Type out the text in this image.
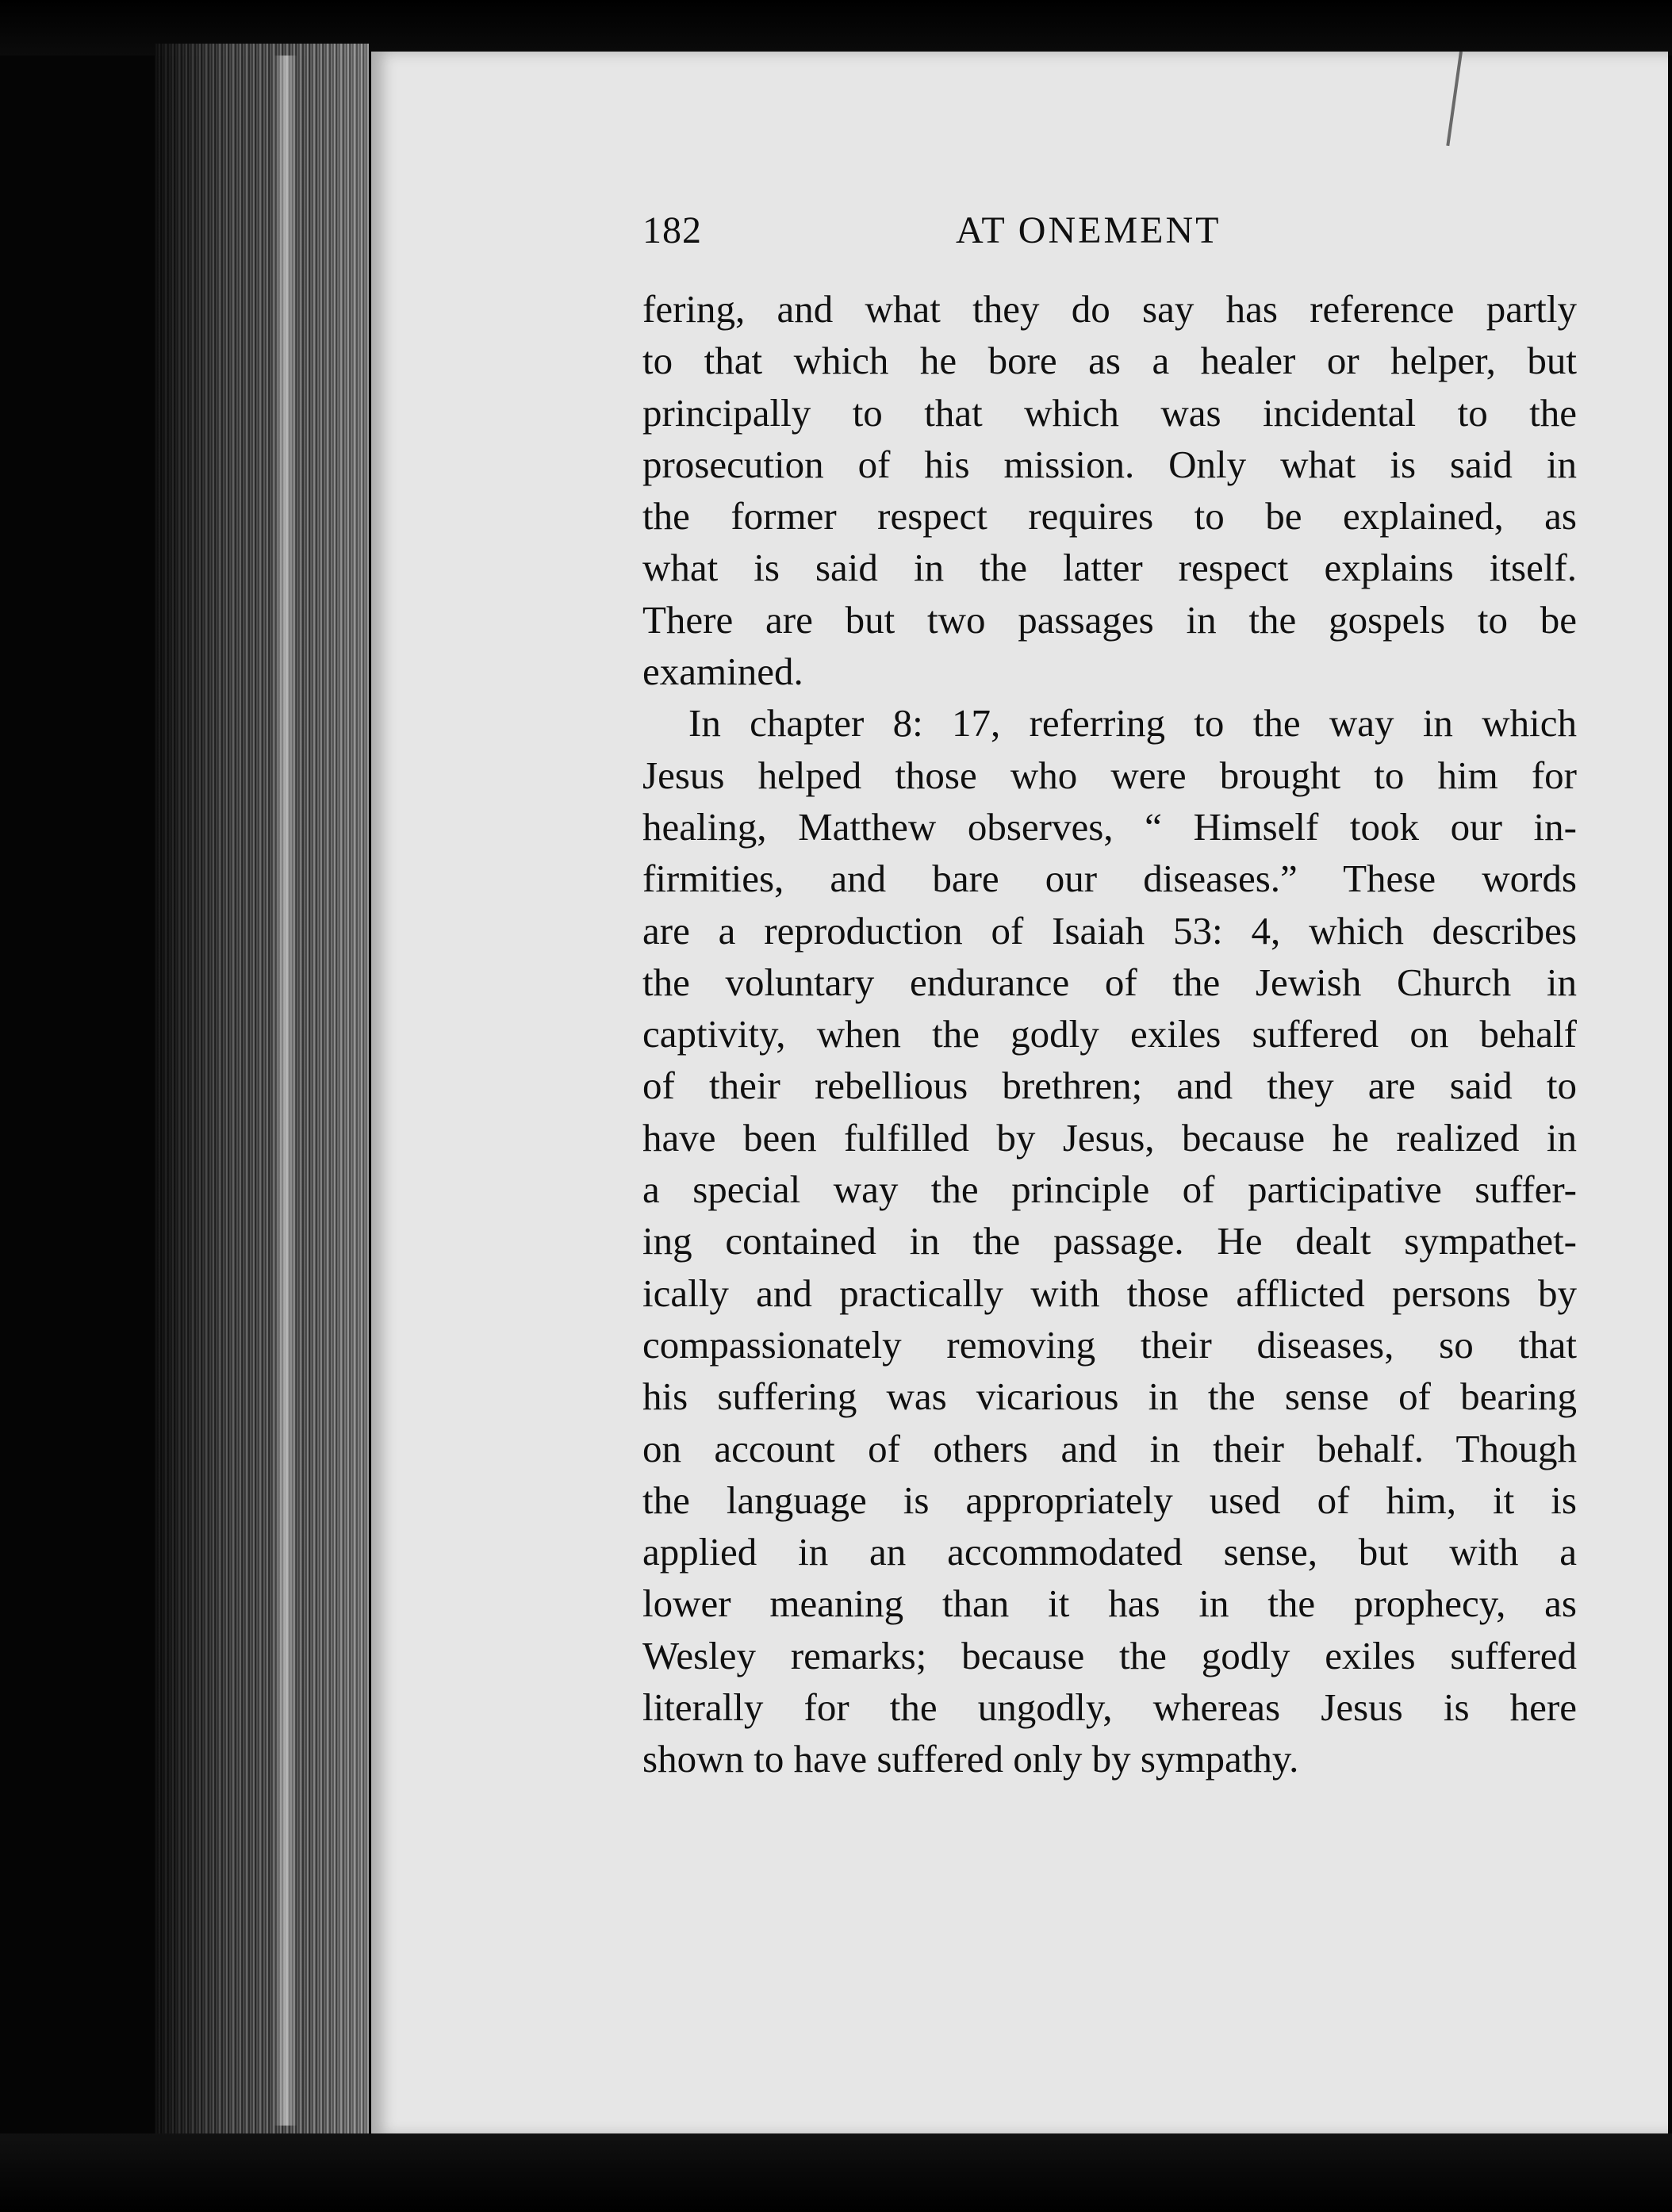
182	AT ONEMENT
fering, and what they do say has reference partly
to that which he bore as a healer or helper, but
principally to that which was incidental to the
prosecution of his mission. Only what is said in
the former respect requires to be explained, as
what is said in the latter respect explains itself.
There are but two passages in the gospels to be
examined.
In chapter 8: 17, referring to the way in which
Jesus helped those who were brought to him for
healing, Matthew observes, “ Himself took our in-
firmities, and bare our diseases.” These words
are a reproduction of Isaiah 53: 4, which describes
the voluntary endurance of the Jewish Church in
captivity, when the godly exiles suffered on behalf
of their rebellious brethren; and they are said to
have been fulfilled by Jesus, because he realized in
a special way the principle of participative suffer-
ing contained in the passage. He dealt sympathet-
ically and practically with those afflicted persons by
compassionately removing their diseases, so that
his suffering was vicarious in the sense of bearing
on account of others and in their behalf. Though
the language is appropriately used of him, it is
applied in an accommodated sense, but with a
lower meaning than it has in the prophecy, as
Wesley remarks; because the godly exiles suffered
literally for the ungodly, whereas Jesus is here
shown to have suffered only by sympathy.
